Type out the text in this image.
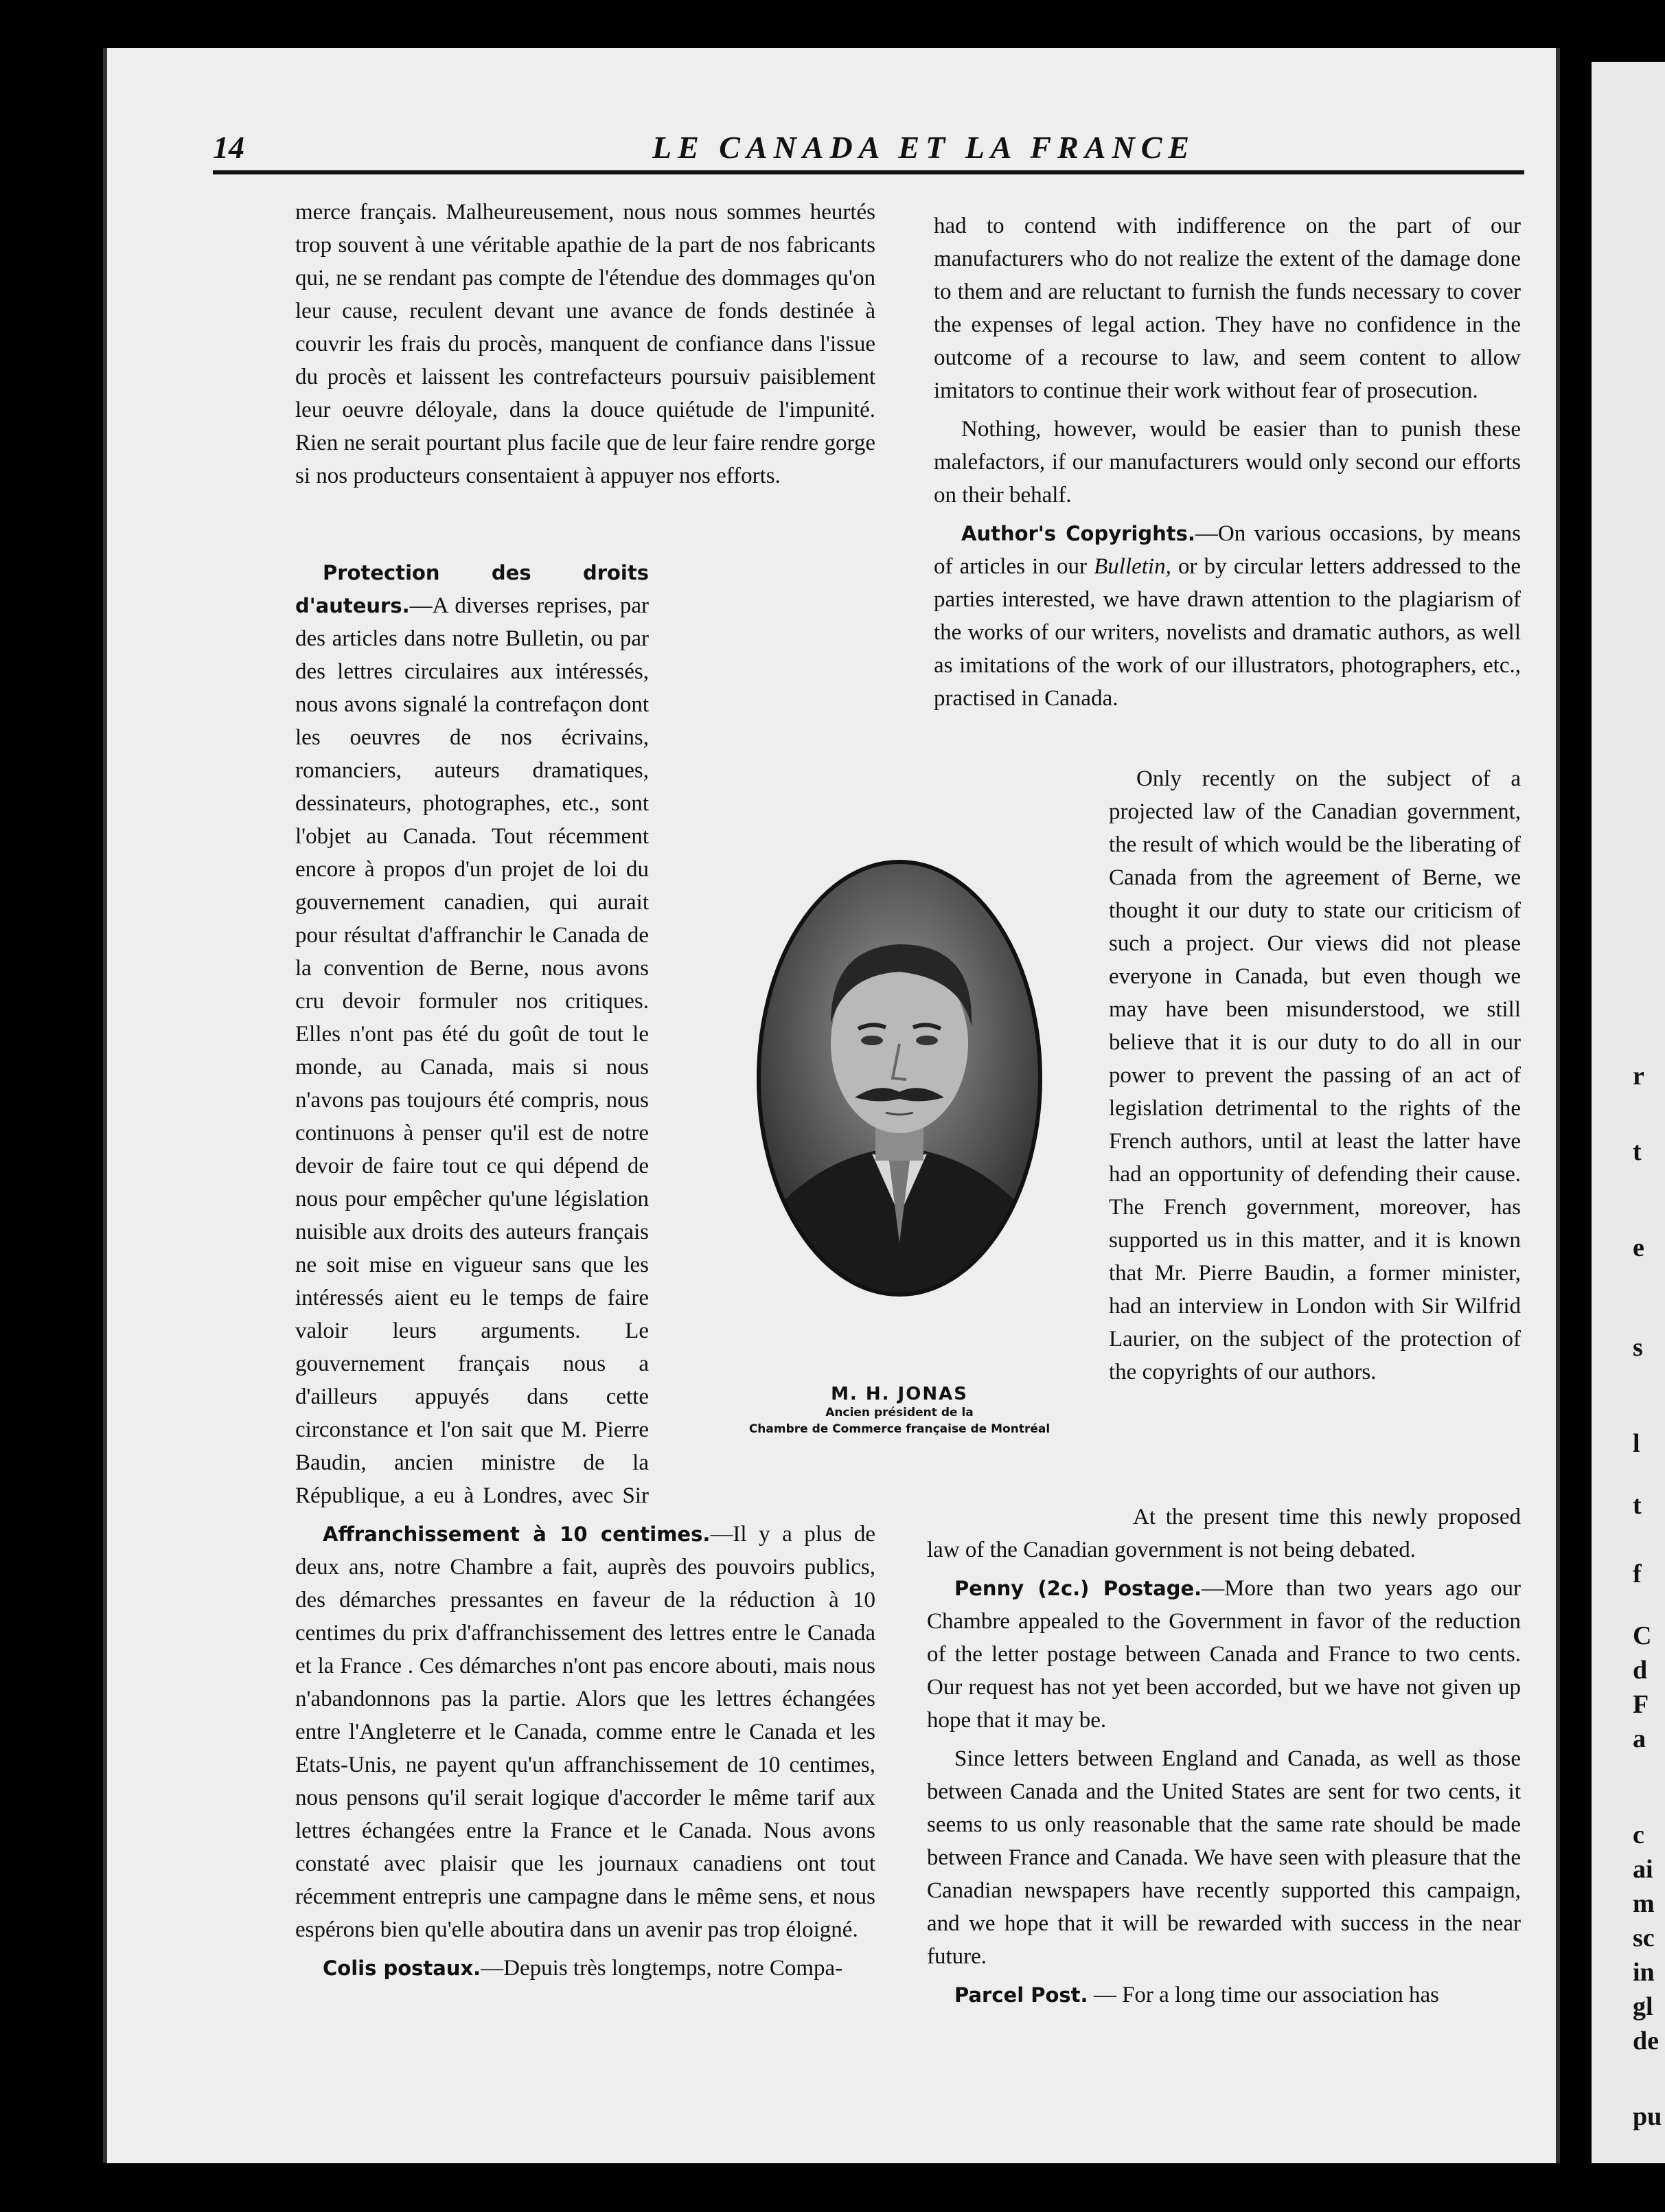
r
t
e
s
l
t
f
C
d
F
a
c
ai
m
sc
in
gl
de
pu
14	LE CANADA ET LA FRANCE

merce français. Malheureusement, nous nous sommes heurtés trop souvent à une véritable apathie de la part de nos fabricants qui, ne se rendant pas compte de l'étendue des dommages qu'on leur cause, reculent devant une avance de fonds destinée à couvrir les frais du procès, manquent de confiance dans l'issue du procès et laissent les contrefacteurs poursuiv paisiblement leur oeuvre déloyale, dans la douce quiétude de l'impunité. Rien ne serait pourtant plus facile que de leur faire rendre gorge si nos producteurs consentaient à appuyer nos efforts.

Protection des droits d'auteurs.—A diverses reprises, par des articles dans notre Bulletin, ou par des lettres circulaires aux intéressés, nous avons signalé la contrefaçon dont les oeuvres de nos écrivains, romanciers, auteurs dramatiques, dessinateurs, photographes, etc., sont l'objet au Canada. Tout récemment encore à propos d'un projet de loi du gouvernement canadien, qui aurait pour résultat d'affranchir le Canada de la convention de Berne, nous avons cru devoir formuler nos critiques. Elles n'ont pas été du goût de tout le monde, au Canada, mais si nous n'avons pas toujours été compris, nous continuons à penser qu'il est de notre devoir de faire tout ce qui dépend de nous pour empêcher qu'une législation nuisible aux droits des auteurs français ne soit mise en vigueur sans que les intéressés aient eu le temps de faire valoir leurs arguments. Le gouvernement français nous a d'ailleurs appuyés dans cette circonstance et l'on sait que M. Pierre Baudin, ancien ministre de la République, a eu à Londres, avec Sir

Affranchissement à 10 centimes.—Il y a plus de deux ans, notre Chambre a fait, auprès des pouvoirs publics, des démarches pressantes en faveur de la réduction à 10 centimes du prix d'affranchissement des lettres entre le Canada et la France . Ces démarches n'ont pas encore abouti, mais nous n'abandonnons pas la partie. Alors que les lettres échangées entre l'Angleterre et le Canada, comme entre le Canada et les Etats-Unis, ne payent qu'un affranchissement de 10 centimes, nous pensons qu'il serait logique d'accorder le même tarif aux lettres échangées entre la France et le Canada. Nous avons constaté avec plaisir que les journaux canadiens ont tout récemment entrepris une campagne dans le même sens, et nous espérons bien qu'elle aboutira dans un avenir pas trop éloigné.

Colis postaux.—Depuis très longtemps, notre Compa-

had to contend with indifference on the part of our manufacturers who do not realize the extent of the damage done to them and are reluctant to furnish the funds necessary to cover the expenses of legal action. They have no confidence in the outcome of a recourse to law, and seem content to allow imitators to continue their work without fear of prosecution.

Nothing, however, would be easier than to punish these malefactors, if our manufacturers would only second our efforts on their behalf.

Author's Copyrights.—On various occasions, by means of articles in our Bulletin, or by circular letters addressed to the parties interested, we have drawn attention to the plagiarism of the works of our writers, novelists and dramatic authors, as well as imitations of the work of our illustrators, photographers, etc., practised in Canada.

Only recently on the subject of a projected law of the Canadian government, the result of which would be the liberating of Canada from the agreement of Berne, we thought it our duty to state our criticism of such a project. Our views did not please everyone in Canada, but even though we may have been misunderstood, we still believe that it is our duty to do all in our power to prevent the passing of an act of legislation detrimental to the rights of the French authors, until at least the latter have had an opportunity of defending their cause. The French government, moreover, has supported us in this matter, and it is known that Mr. Pierre Baudin, a former minister, had an interview in London with Sir Wilfrid Laurier, on the subject of the protection of the copyrights of our authors.

At the present time this newly proposed law of the Canadian government is not being debated.

Penny (2c.) Postage.—More than two years ago our Chambre appealed to the Government in favor of the reduction of the letter postage between Canada and France to two cents. Our request has not yet been accorded, but we have not given up hope that it may be.

Since letters between England and Canada, as well as those between Canada and the United States are sent for two cents, it seems to us only reasonable that the same rate should be made between France and Canada. We have seen with pleasure that the Canadian newspapers have recently supported this campaign, and we hope that it will be rewarded with success in the near future.

Parcel Post. — For a long time our association has

M. H. JONAS
Ancien président de la
Chambre de Commerce française de Montréal
